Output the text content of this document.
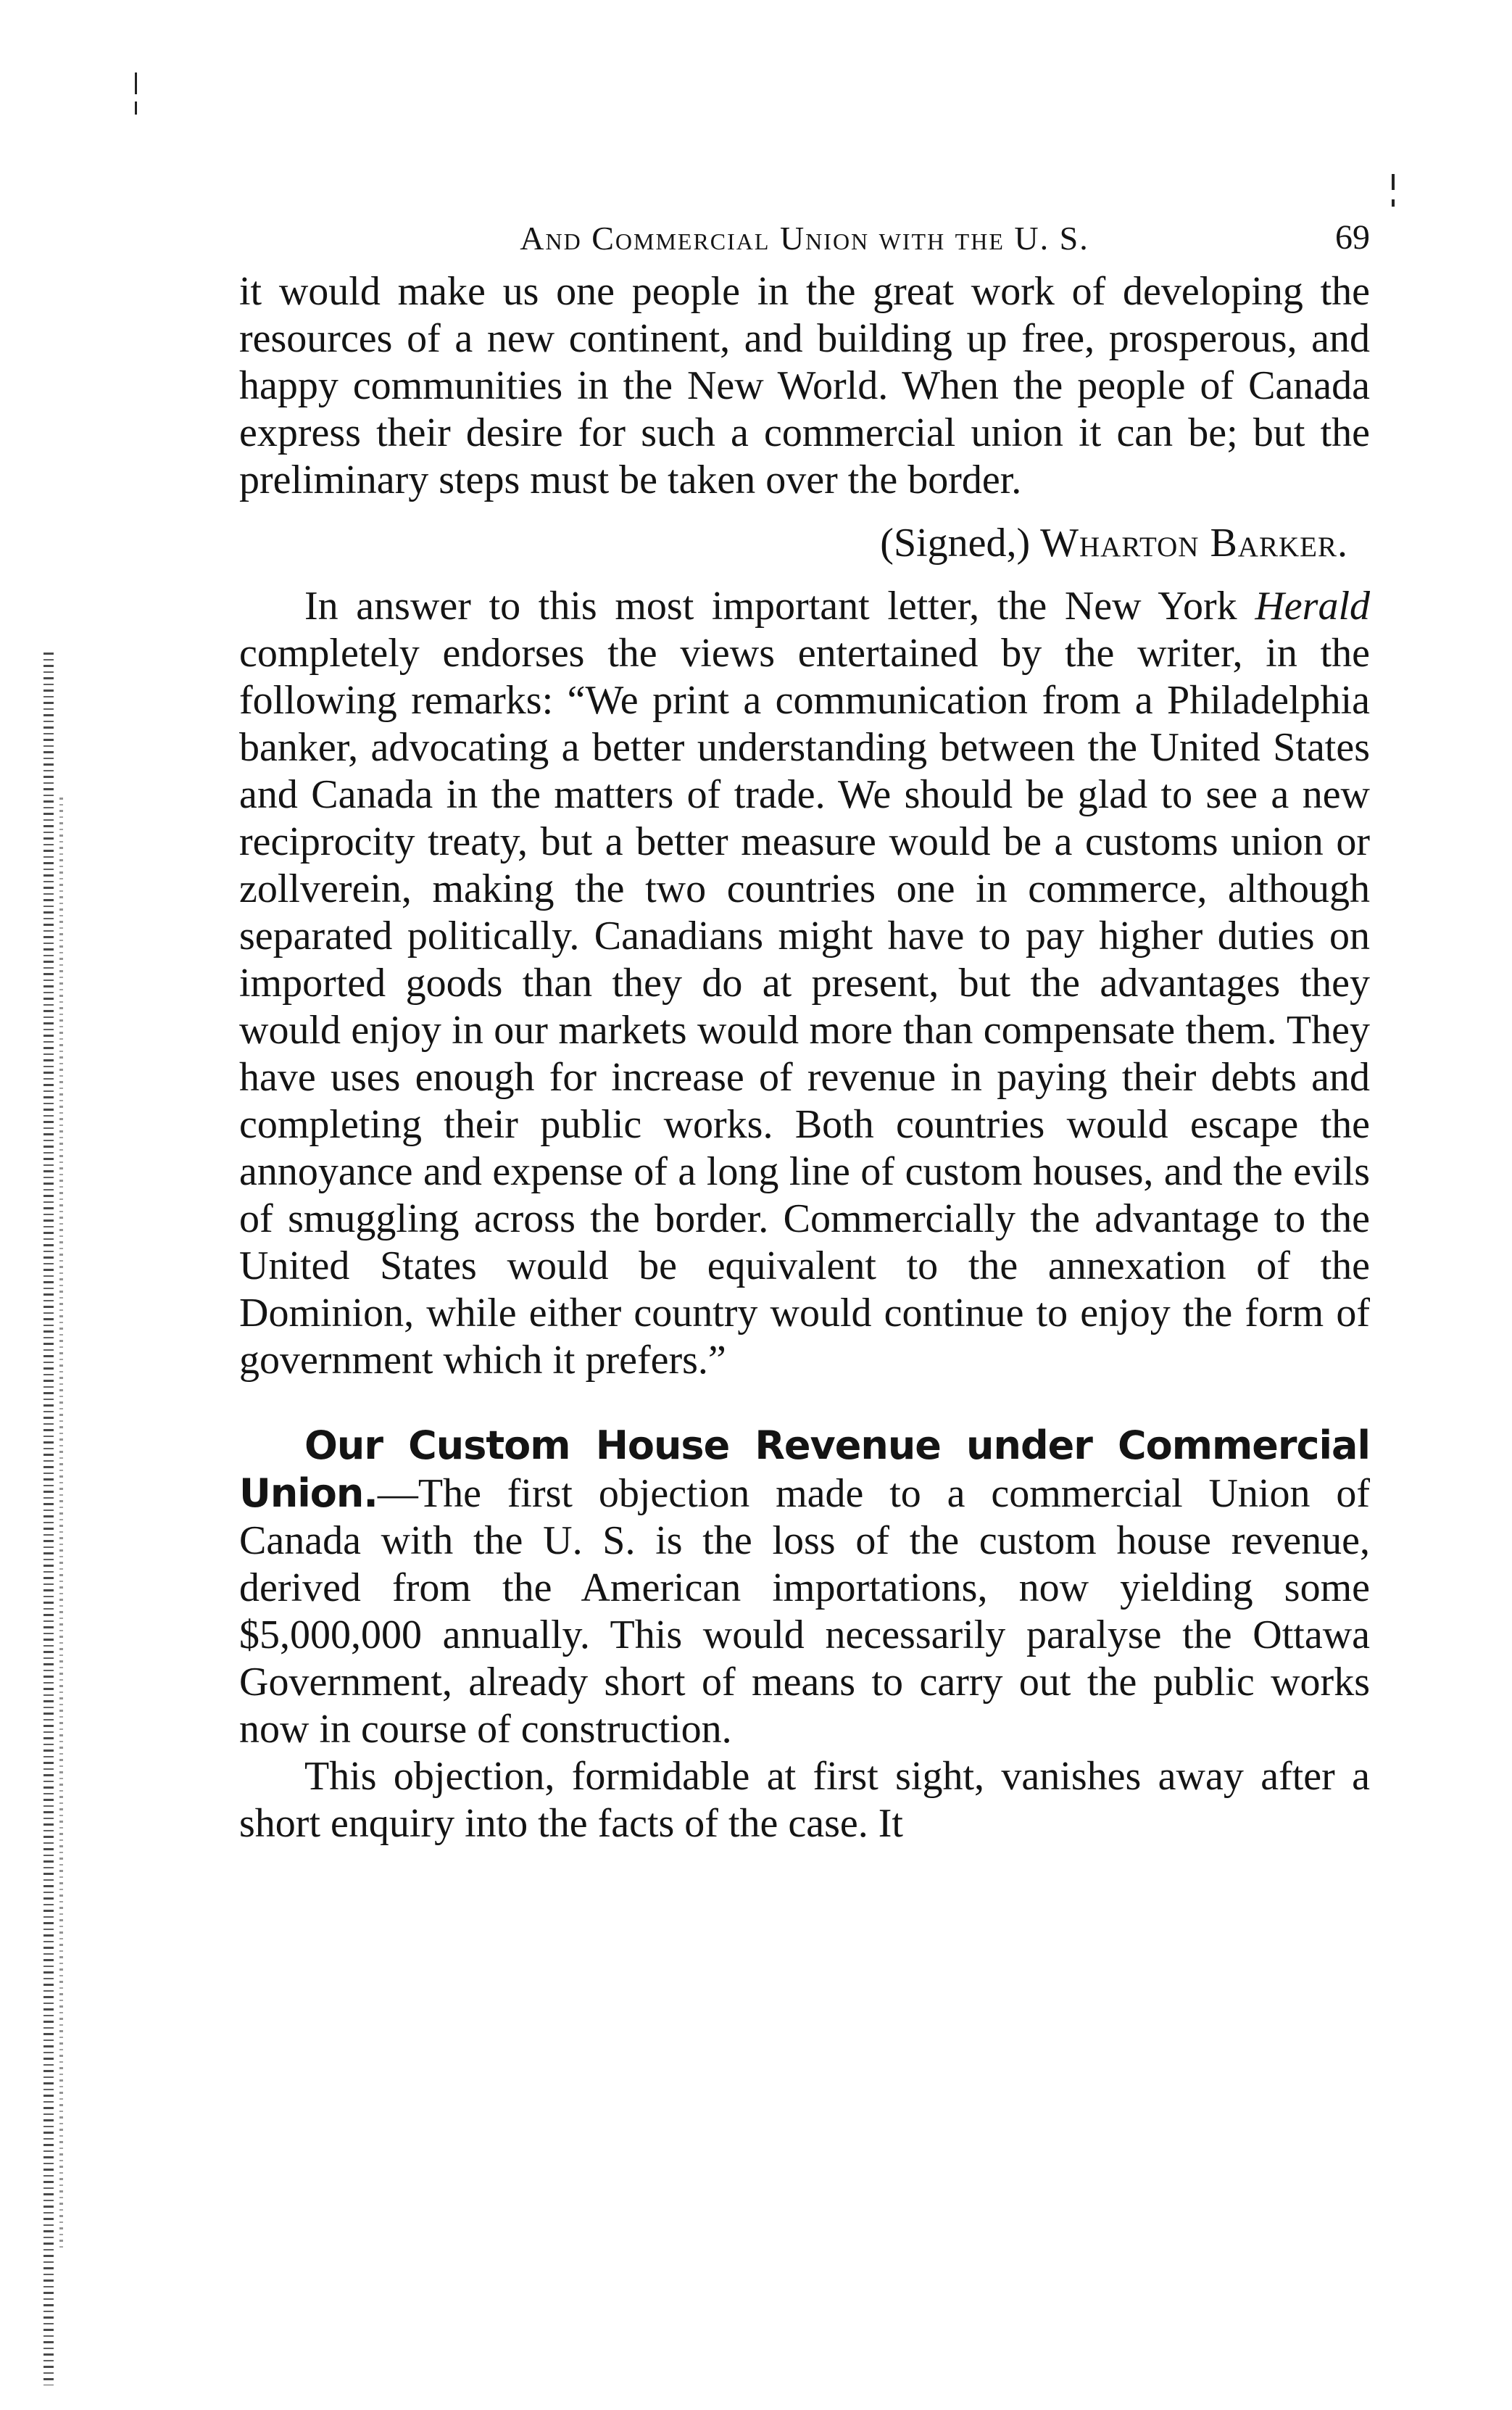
And Commercial Union with the U. S.	69

it would make us one people in the great work of developing the resources of a new continent, and building up free, prosperous, and happy communities in the New World. When the people of Canada express their desire for such a commercial union it can be; but the preliminary steps must be taken over the border.

(Signed,) Wharton Barker.

In answer to this most important letter, the New York Herald completely endorses the views entertained by the writer, in the following remarks: “We print a communication from a Philadelphia banker, advocating a better understanding between the United States and Canada in the matters of trade. We should be glad to see a new reciprocity treaty, but a better measure would be a customs union or zollverein, making the two countries one in commerce, although separated politically. Canadians might have to pay higher duties on imported goods than they do at present, but the advantages they would enjoy in our markets would more than compensate them. They have uses enough for increase of revenue in paying their debts and completing their public works. Both countries would escape the annoyance and expense of a long line of custom houses, and the evils of smuggling across the border. Commercially the advantage to the United States would be equivalent to the annexation of the Dominion, while either country would continue to enjoy the form of government which it prefers.”

Our Custom House Revenue under Commercial Union.—The first objection made to a commercial Union of Canada with the U. S. is the loss of the custom house revenue, derived from the American importations, now yielding some $5,000,000 annually. This would necessarily paralyse the Ottawa Government, already short of means to carry out the public works now in course of construction.

This objection, formidable at first sight, vanishes away after a short enquiry into the facts of the case. It
